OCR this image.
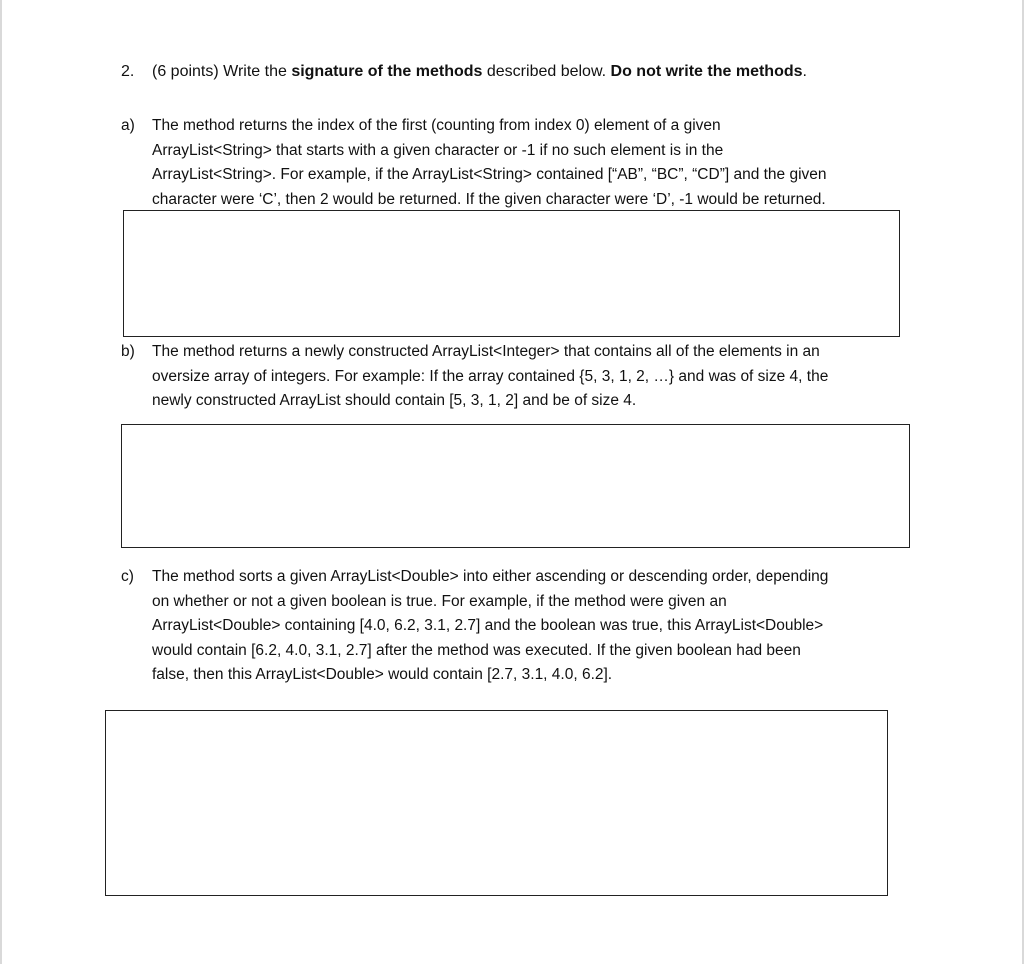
2. (6 points) Write the signature of the methods described below. Do not write the methods.
a) The method returns the index of the first (counting from index 0) element of a given
ArrayList<String> that starts with a given character or -1 if no such element is in the
ArrayList<String>. For example, if the ArrayList<String> contained [“AB”, “BC”, “CD”] and the given
character were ‘C’, then 2 would be returned. If the given character were ‘D’, -1 would be returned.
b) The method returns a newly constructed ArrayList<Integer> that contains all of the elements in an
oversize array of integers. For example: If the array contained {5, 3, 1, 2, …} and was of size 4, the
newly constructed ArrayList should contain [5, 3, 1, 2] and be of size 4.
c) The method sorts a given ArrayList<Double> into either ascending or descending order, depending
on whether or not a given boolean is true. For example, if the method were given an
ArrayList<Double> containing [4.0, 6.2, 3.1, 2.7] and the boolean was true, this ArrayList<Double>
would contain [6.2, 4.0, 3.1, 2.7] after the method was executed. If the given boolean had been
false, then this ArrayList<Double> would contain [2.7, 3.1, 4.0, 6.2].
